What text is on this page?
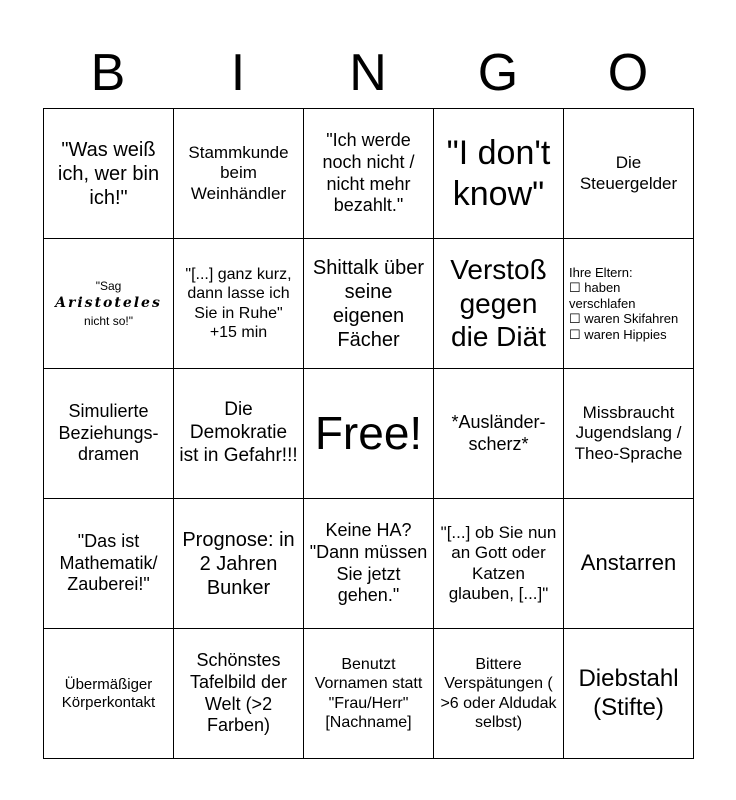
B	I	N	G	O
"Was weiß ich, wer bin ich!"	Stammkunde beim Weinhändler	"Ich werde noch nicht / nicht mehr bezahlt."	"I don't know"	Die Steuergelder

"Sag
Aristoteles
nicht so!"	"[...] ganz kurz, dann lasse ich Sie in Ruhe" +15 min	Shittalk über seine eigenen Fächer	Verstoß gegen die Diät	Ihre Eltern:
☐ haben verschlafen
☐ waren Skifahren
☐ waren Hippies

Simulierte Beziehungs-dramen	Die Demokratie ist in Gefahr!!!	Free!	*Ausländer-scherz*	Missbraucht Jugendslang / Theo-Sprache
"Das ist Mathematik/ Zauberei!"	Prognose: in 2 Jahren Bunker	Keine HA? "Dann müssen Sie jetzt gehen."	"[...] ob Sie nun an Gott oder Katzen glauben, [...]"	Anstarren
Übermäßiger Körperkontakt	Schönstes Tafelbild der Welt (>2 Farben)	Benutzt Vornamen statt "Frau/Herr" [Nachname]	Bittere Verspätungen ( >6 oder Aldudak selbst)	Diebstahl (Stifte)
